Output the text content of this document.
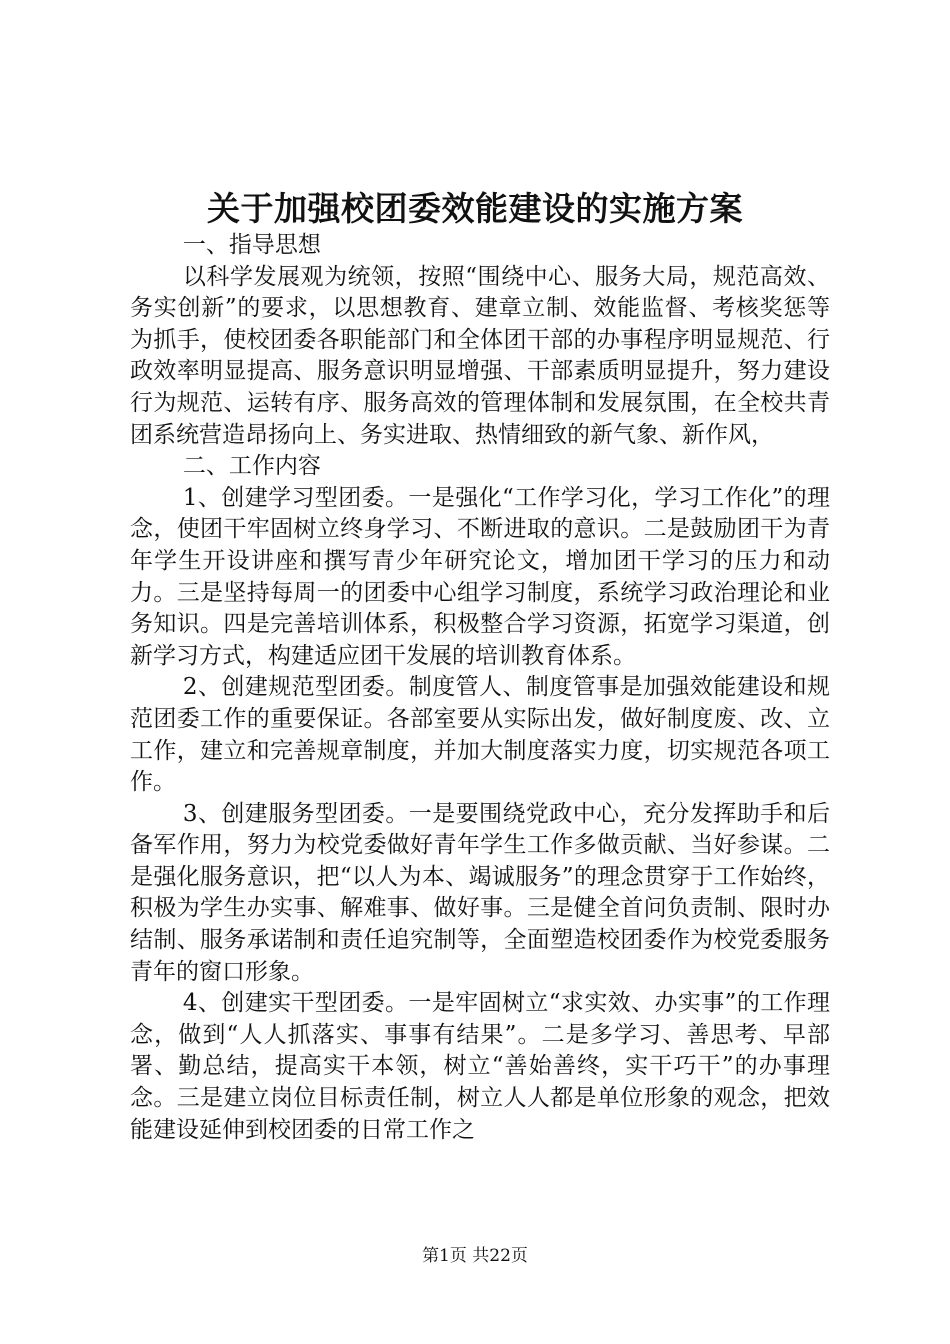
关于加强校团委效能建设的实施方案

一、指导思想

以科学发展观为统领，按照“围绕中心、服务大局，规范高效、务实创新”的要求，以思想教育、建章立制、效能监督、考核奖惩等为抓手，使校团委各职能部门和全体团干部的办事程序明显规范、行政效率明显提高、服务意识明显增强、干部素质明显提升，努力建设行为规范、运转有序、服务高效的管理体制和发展氛围，在全校共青团系统营造昂扬向上、务实进取、热情细致的新气象、新作风，

二、工作内容

1、创建学习型团委。一是强化“工作学习化，学习工作化”的理念，使团干牢固树立终身学习、不断进取的意识。二是鼓励团干为青年学生开设讲座和撰写青少年研究论文，增加团干学习的压力和动力。三是坚持每周一的团委中心组学习制度，系统学习政治理论和业务知识。四是完善培训体系，积极整合学习资源，拓宽学习渠道，创新学习方式，构建适应团干发展的培训教育体系。

2、创建规范型团委。制度管人、制度管事是加强效能建设和规范团委工作的重要保证。各部室要从实际出发，做好制度废、改、立工作，建立和完善规章制度，并加大制度落实力度，切实规范各项工作。

3、创建服务型团委。一是要围绕党政中心，充分发挥助手和后备军作用，努力为校党委做好青年学生工作多做贡献、当好参谋。二是强化服务意识，把“以人为本、竭诚服务”的理念贯穿于工作始终，积极为学生办实事、解难事、做好事。三是健全首问负责制、限时办结制、服务承诺制和责任追究制等，全面塑造校团委作为校党委服务青年的窗口形象。

4、创建实干型团委。一是牢固树立“求实效、办实事”的工作理念，做到“人人抓落实、事事有结果”。二是多学习、善思考、早部署、勤总结，提高实干本领，树立“善始善终，实干巧干”的办事理念。三是建立岗位目标责任制，树立人人都是单位形象的观念，把效能建设延伸到校团委的日常工作之

第1页 共22页
